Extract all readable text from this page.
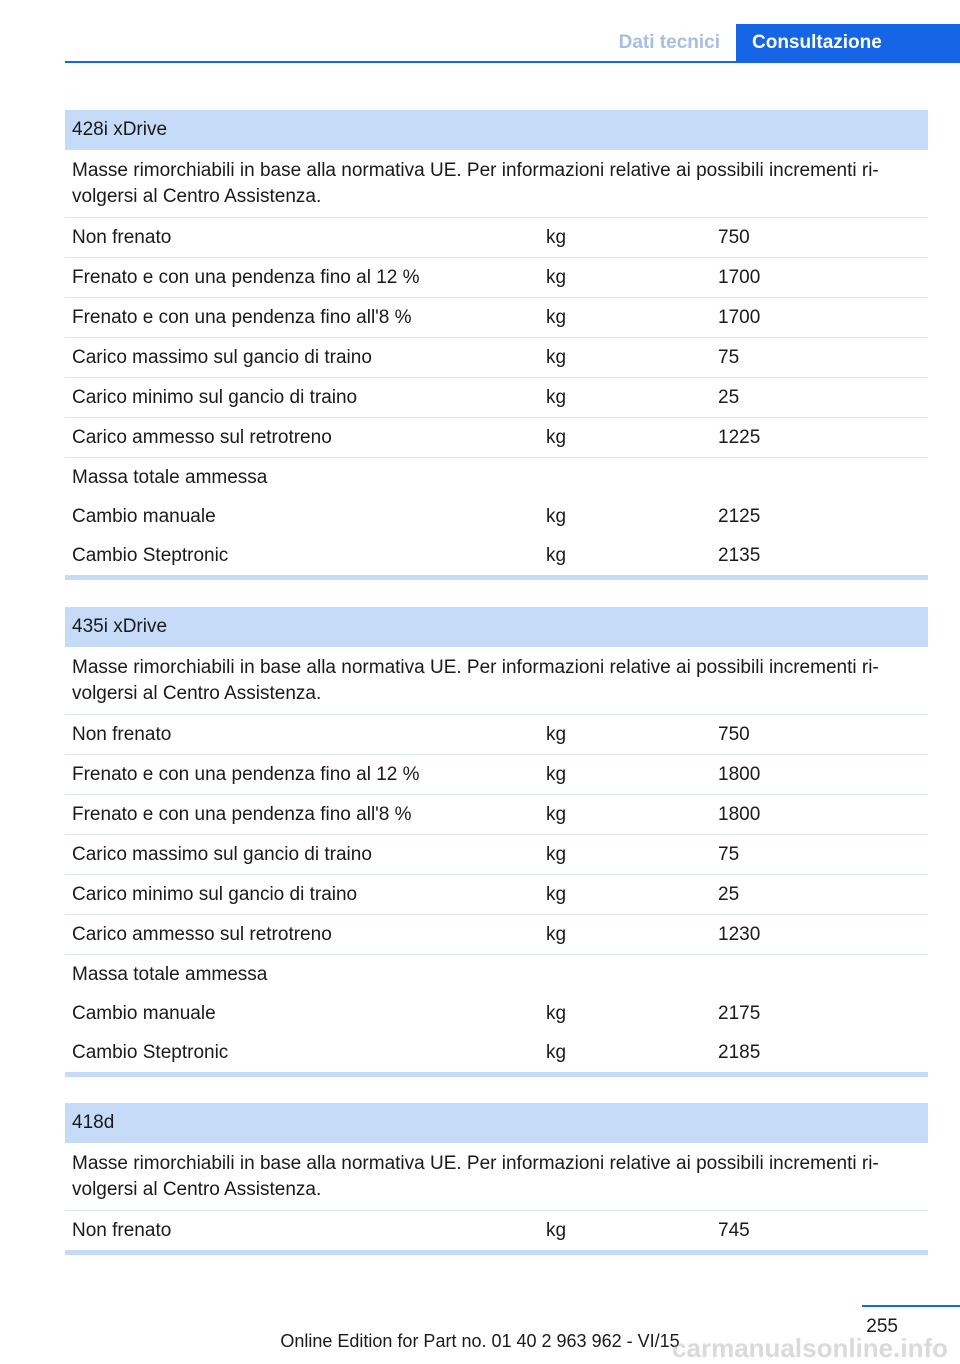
Dati tecnici	Consultazione
428i xDrive
Masse rimorchiabili in base alla normativa UE. Per informazioni relative ai possibili incrementi ri-volgersi al Centro Assistenza.
Non frenato	kg	750
Frenato e con una pendenza fino al 12 %	kg	1700
Frenato e con una pendenza fino all'8 %	kg	1700
Carico massimo sul gancio di traino	kg	75
Carico minimo sul gancio di traino	kg	25
Carico ammesso sul retrotreno	kg	1225
Massa totale ammessa
Cambio manuale	kg	2125
Cambio Steptronic	kg	2135
435i xDrive
Masse rimorchiabili in base alla normativa UE. Per informazioni relative ai possibili incrementi ri-volgersi al Centro Assistenza.
Non frenato	kg	750
Frenato e con una pendenza fino al 12 %	kg	1800
Frenato e con una pendenza fino all'8 %	kg	1800
Carico massimo sul gancio di traino	kg	75
Carico minimo sul gancio di traino	kg	25
Carico ammesso sul retrotreno	kg	1230
Massa totale ammessa
Cambio manuale	kg	2175
Cambio Steptronic	kg	2185
418d
Masse rimorchiabili in base alla normativa UE. Per informazioni relative ai possibili incrementi ri-volgersi al Centro Assistenza.
Non frenato	kg	745
255
Online Edition for Part no. 01 40 2 963 962 - VI/15
carmanualsonline.info
